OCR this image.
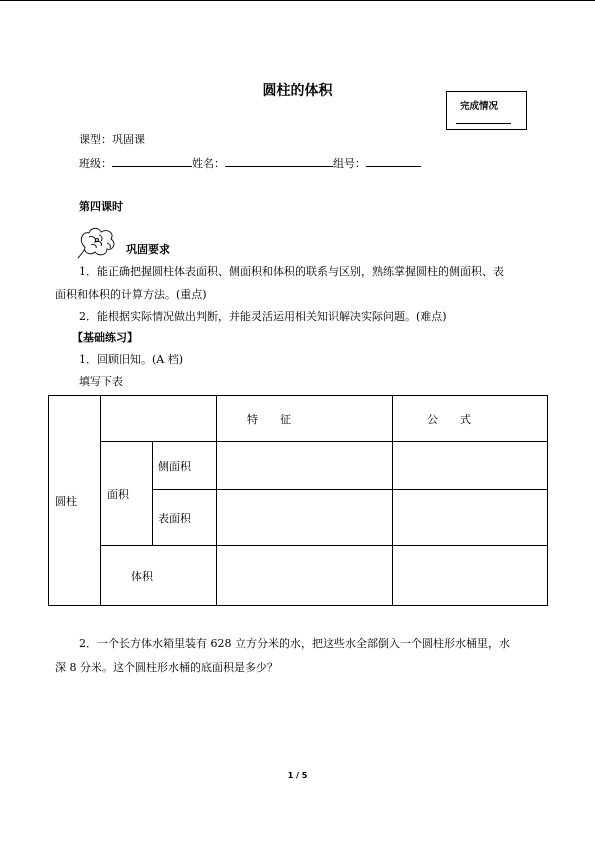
圆柱的体积
完成情况
课型：巩固课
班级：	姓名：	组号：
第四课时
巩固要求
1．能正确把握圆柱体表面积、侧面积和体积的联系与区别，熟练掌握圆柱的侧面积、表
面积和体积的计算方法。(重点)
2．能根据实际情况做出判断，并能灵活运用相关知识解决实际问题。(难点)
【基础练习】
1．回顾旧知。(A 档)
填写下表
圆柱			特　　征	公　　式
	面积	侧面积		
		表面积		
	体积			
2．一个长方体水箱里装有 628 立方分米的水，把这些水全部倒入一个圆柱形水桶里，水
深 8 分米。这个圆柱形水桶的底面积是多少？
1 / 5
